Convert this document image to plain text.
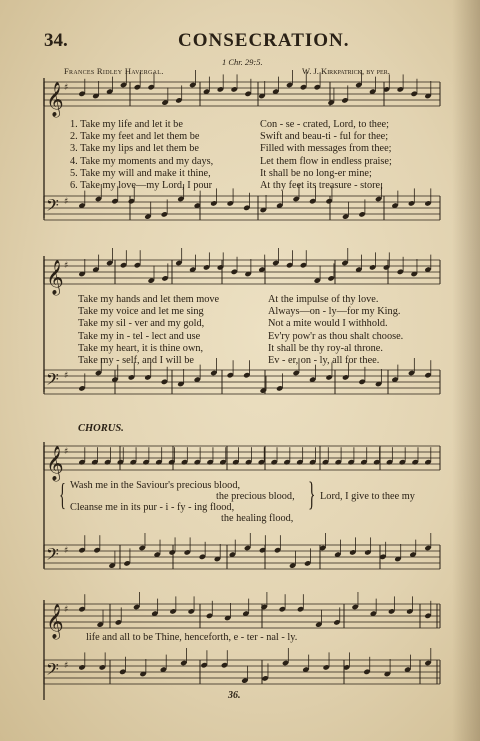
34.	CONSECRATION.
1 Chr. 29:5.
Frances Ridley Havergal.	W. J. Kirkpatrick, by per.
𝄞 ♯
𝄢 ♯
𝄞 ♯
𝄢 ♯
𝄞 ♯
𝄢 ♯
𝄞 ♯
𝄢 ♯
1. Take my life and let it be
2. Take my feet and let them be
3. Take my lips and let them be
4. Take my moments and my days,
5. Take my will and make it thine,
6. Take my love—my Lord, I pour
Con - se - crated, Lord, to thee;
Swift and beau-ti - ful for thee;
Filled with messages from thee;
Let them flow in endless praise;
It shall be no long-er mine;
At thy feet its treasure - store;
Take my hands and let them move
Take my voice and let me sing
Take my sil - ver and my gold,
Take my in - tel - lect and use
Take my heart, it is thine own,
Take my - self, and I will be
At the impulse of thy love.
Always—on - ly—for my King.
Not a mite would I withhold.
Ev'ry pow'r as thou shalt choose.
It shall be thy roy-al throne.
Ev - er, on - ly, all for thee.
CHORUS.
{ Wash me in the Saviour's precious blood,
the precious blood,
Cleanse me in its pur - i - fy - ing flood,
the healing flood,
} Lord, I give to thee my
life and all to be Thine, henceforth, e - ter - nal - ly.
36.
